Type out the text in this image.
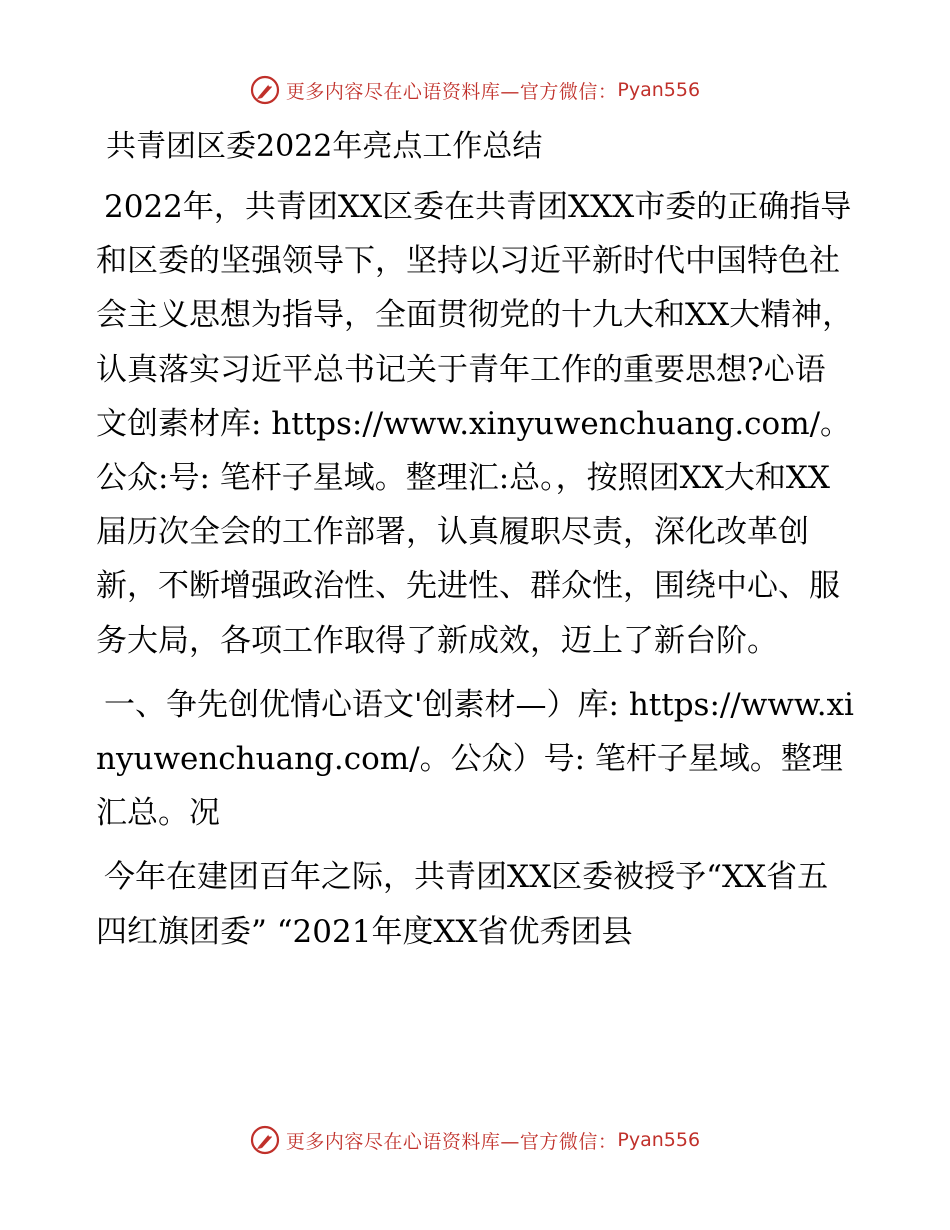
更多内容尽在心语资料库—官方微信： Pyan556
共青团区委2022年亮点工作总结

2022年，共青团XX区委在共青团XXX市委的正确指导和区委的坚强领导下，坚持以习近平新时代中国特色社会主义思想为指导，全面贯彻党的十九大和XX大精神，认真落实习近平总书记关于青年工作的重要思想?心语文创素材库: https://www.xinyuwenchuang.com/。公众:号: 笔杆子星域。整理汇:总。，按照团XX大和XX届历次全会的工作部署，认真履职尽责，深化改革创新，不断增强政治性、先进性、群众性，围绕中心、服务大局，各项工作取得了新成效，迈上了新台阶。

一、争先创优情心语文'创素材—）库: https://www.xinyuwenchuang.com/。公众）号: 笔杆子星域。整理汇总。况

今年在建团百年之际，共青团XX区委被授予“XX省五四红旗团委” “2021年度XX省优秀团县

更多内容尽在心语资料库—官方微信： Pyan556
